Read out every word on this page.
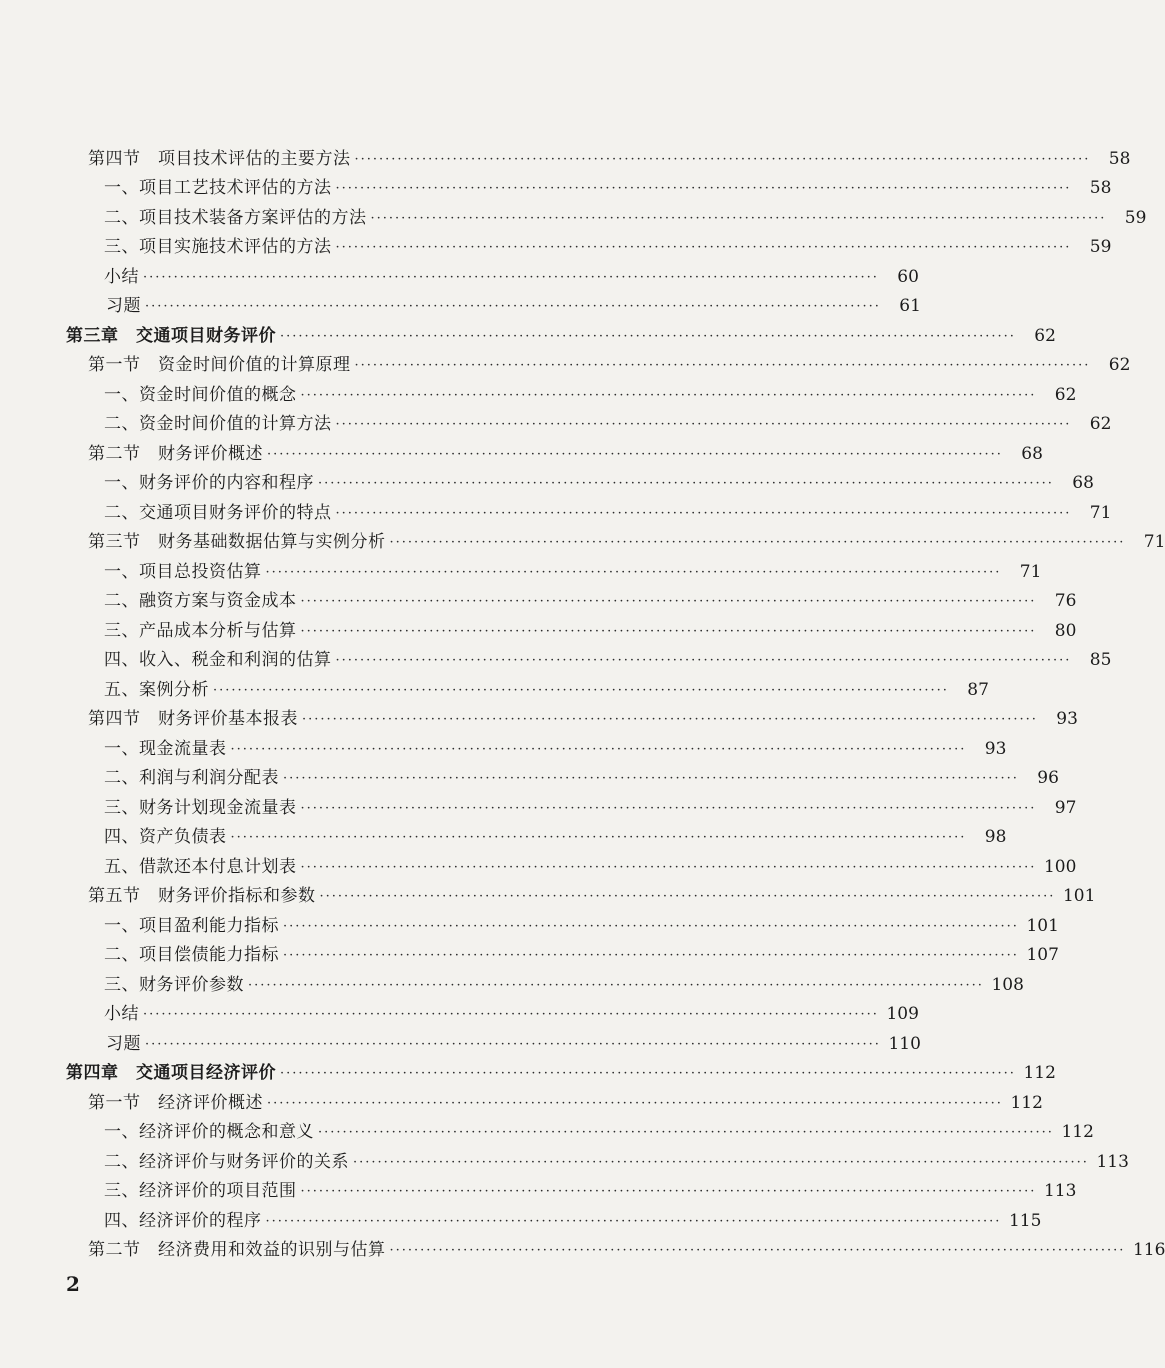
第四节　项目技术评估的主要方法 ························································································································	58
一、项目工艺技术评估的方法 ························································································································	58
二、项目技术装备方案评估的方法 ························································································································	59
三、项目实施技术评估的方法 ························································································································	59
小结 ························································································································	60
习题 ························································································································	61
第三章　交通项目财务评价 ························································································································	62
第一节　资金时间价值的计算原理 ························································································································	62
一、资金时间价值的概念 ························································································································	62
二、资金时间价值的计算方法 ························································································································	62
第二节　财务评价概述 ························································································································	68
一、财务评价的内容和程序 ························································································································	68
二、交通项目财务评价的特点 ························································································································	71
第三节　财务基础数据估算与实例分析 ························································································································	71
一、项目总投资估算 ························································································································	71
二、融资方案与资金成本 ························································································································	76
三、产品成本分析与估算 ························································································································	80
四、收入、税金和利润的估算 ························································································································	85
五、案例分析 ························································································································	87
第四节　财务评价基本报表 ························································································································	93
一、现金流量表 ························································································································	93
二、利润与利润分配表 ························································································································	96
三、财务计划现金流量表 ························································································································	97
四、资产负债表 ························································································································	98
五、借款还本付息计划表 ························································································································ 100
第五节　财务评价指标和参数 ························································································································ 101
一、项目盈利能力指标 ························································································································ 101
二、项目偿债能力指标 ························································································································ 107
三、财务评价参数 ························································································································ 108
小结 ························································································································ 109
习题 ························································································································ 110
第四章　交通项目经济评价 ························································································································ 112
第一节　经济评价概述 ························································································································ 112
一、经济评价的概念和意义 ························································································································ 112
二、经济评价与财务评价的关系 ························································································································ 113
三、经济评价的项目范围 ························································································································ 113
四、经济评价的程序 ························································································································ 115
第二节　经济费用和效益的识别与估算 ························································································································ 116
2
